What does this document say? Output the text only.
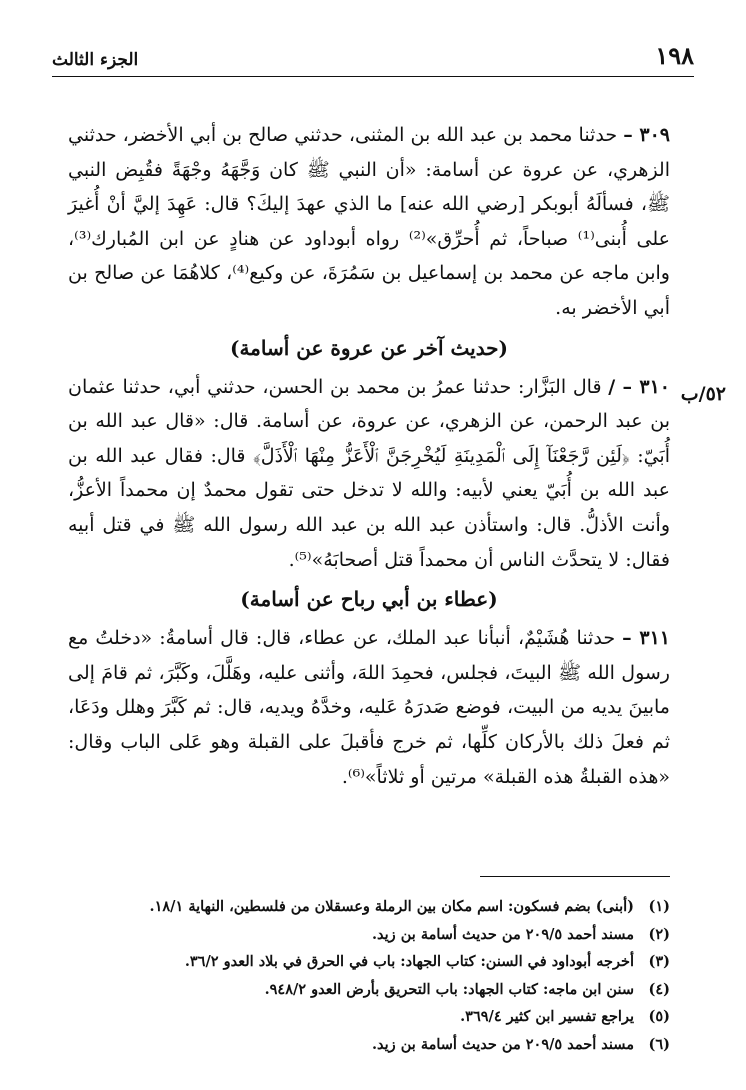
١٩٨
الجزء الثالث
٥٢/ب

٣٠٩ – حدثنا محمد بن عبد الله بن المثنى، حدثني صالح بن أبي الأخضر، حدثني الزهري، عن عروة عن أسامة: «أن النبي ﷺ كان وَجَّهَهُ وجْهَةً فقُبِض النبي ﷺ، فسألَهُ أبوبكر [رضي الله عنه] ما الذي عهدَ إليكَ؟ قال: عَهِدَ إليَّ أنْ أُغيرَ على أُبنى⁽¹⁾ صباحاً، ثم أُحرِّق»⁽²⁾ رواه أبوداود عن هنادٍ عن ابن المُبارك⁽³⁾، وابن ماجه عن محمد بن إسماعيل بن سَمُرَةَ، عن وكيع⁽⁴⁾، كلاهُمَا عن صالح بن أبي الأخضر به.

(حديث آخر عن عروة عن أسامة)

٣١٠ – / قال البَزَّار: حدثنا عمرُ بن محمد بن الحسن، حدثني أبي، حدثنا عثمان بن عبد الرحمن، عن الزهري، عن عروة، عن أسامة. قال: «قال عبد الله بن أُبَيّ: ﴿لَئِن رَّجَعْنَآ إِلَى ٱلْمَدِينَةِ لَيُخْرِجَنَّ ٱلْأَعَزُّ مِنْهَا ٱلْأَذَلَّ﴾ قال: فقال عبد الله بن عبد الله بن أُبَيّ يعني لأبيه: والله لا تدخل حتى تقول محمدٌ إن محمداً الأعزُّ، وأنت الأذلُّ. قال: واستأذن عبد الله بن عبد الله رسول الله ﷺ في قتل أبيه فقال: لا يتحدَّث الناس أن محمداً قتل أصحابَهُ»⁽⁵⁾.

(عطاء بن أبي رباح عن أسامة)

٣١١ – حدثنا هُشَيْمٌ، أنبأنا عبد الملك، عن عطاء، قال: قال أسامةُ: «دخلتُ مع رسول الله ﷺ البيتَ، فجلس، فحمِدَ اللهَ، وأثنى عليه، وهَلَّلَ، وكَبَّرَ، ثم قامَ إلى مابينَ يديه من البيت، فوضع صَدرَهُ عَليه، وخدَّهُ ويديه، قال: ثم كَبَّرَ وهلل ودَعَا، ثم فعلَ ذلك بالأركان كلِّها، ثم خرج فأقبلَ على القبلة وهو عَلى الباب وقال: «هذه القبلةُ هذه القبلة» مرتين أو ثلاثاً»⁽⁶⁾.

(١)
(أبنى) بضم فسكون: اسم مكان بين الرملة وعسقلان من فلسطين، النهاية ١٨/١.
(٢)
مسند أحمد ٢٠٩/٥ من حديث أسامة بن زيد.
(٣)
أخرجه أبوداود في السنن: كتاب الجهاد: باب في الحرق في بلاد العدو ٣٦/٢.
(٤)
سنن ابن ماجه: كتاب الجهاد: باب التحريق بأرض العدو ٩٤٨/٢.
(٥)
يراجع تفسير ابن كثير ٣٦٩/٤.
(٦)
مسند أحمد ٢٠٩/٥ من حديث أسامة بن زيد.
